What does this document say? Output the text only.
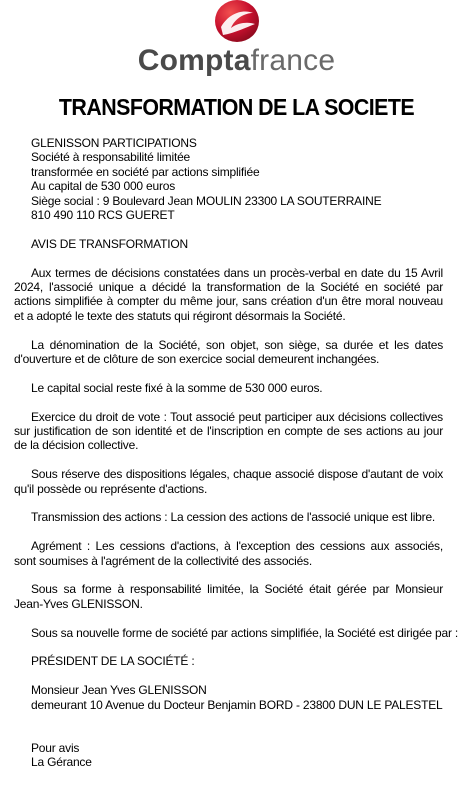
Comptafrance
TRANSFORMATION DE LA SOCIETE
GLENISSON PARTICIPATIONS
Société à responsabilité limitée
transformée en société par actions simplifiée
Au capital de 530 000 euros
Siège social : 9 Boulevard Jean MOULIN 23300 LA SOUTERRAINE
810 490 110 RCS GUERET
AVIS DE TRANSFORMATION

Aux termes de décisions constatées dans un procès-verbal en date du 15 Avril 2024, l'associé unique a décidé la transformation de la Société en société par actions simplifiée à compter du même jour, sans création d'un être moral nouveau et a adopté le texte des statuts qui régiront désormais la Société.

La dénomination de la Société, son objet, son siège, sa durée et les dates d'ouverture et de clôture de son exercice social demeurent inchangées.

Le capital social reste fixé à la somme de 530 000 euros.

Exercice du droit de vote : Tout associé peut participer aux décisions collectives sur justification de son identité et de l'inscription en compte de ses actions au jour de la décision collective.

Sous réserve des dispositions légales, chaque associé dispose d'autant de voix qu'il possède ou représente d'actions.

Transmission des actions : La cession des actions de l'associé unique est libre.

Agrément : Les cessions d'actions, à l'exception des cessions aux associés, sont soumises à l'agrément de la collectivité des associés.

Sous sa forme à responsabilité limitée, la Société était gérée par Monsieur Jean-Yves GLENISSON.

Sous sa nouvelle forme de société par actions simplifiée, la Société est dirigée par :
PRÉSIDENT DE LA SOCIÉTÉ :
Monsieur Jean Yves GLENISSON
demeurant 10 Avenue du Docteur Benjamin BORD - 23800 DUN LE PALESTEL
Pour avis
La Gérance
